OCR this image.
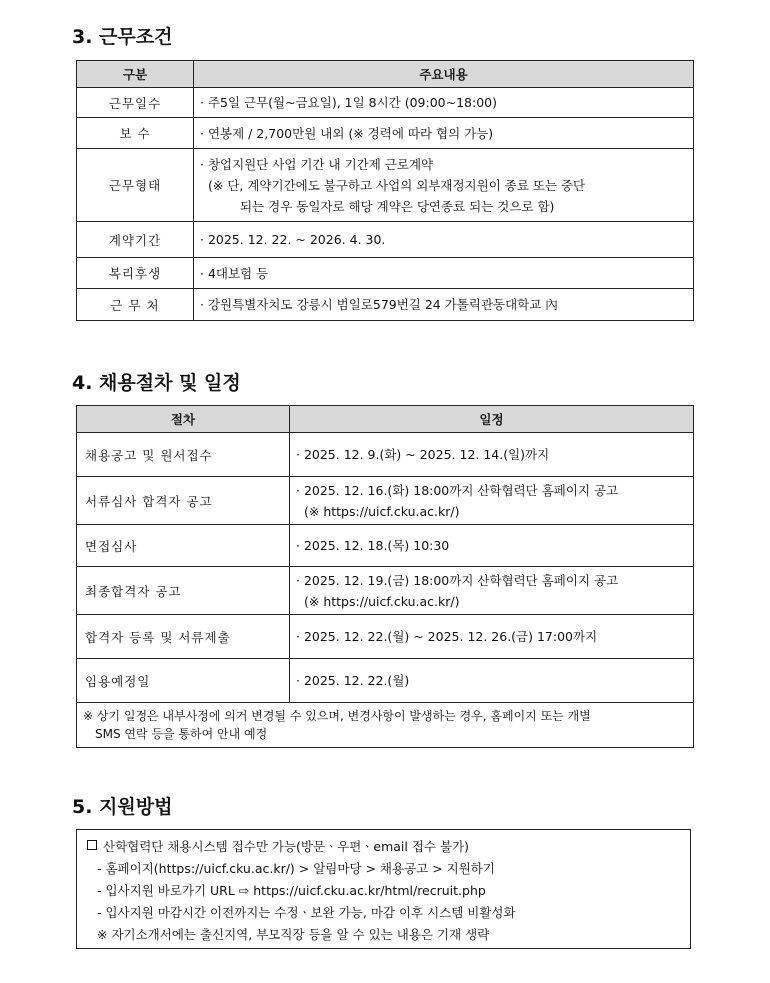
3. 근무조건
구분	주요내용
근무일수	· 주5일 근무(월~금요일), 1일 8시간 (09:00~18:00)

보 수	· 연봉제 / 2,700만원 내외 (※ 경력에 따라 협의 가능)

근무형태	· 창업지원단 사업 기간 내 기간제 근로계약
(※ 단, 계약기간에도 불구하고 사업의 외부재정지원이 종료 또는 중단
되는 경우 동일자로 해당 계약은 당연종료 되는 것으로 함)

계약기간	· 2025. 12. 22. ~ 2026. 4. 30.

복리후생	· 4대보험 등

근 무 처	· 강원특별자치도 강릉시 범일로579번길 24 가톨릭관동대학교 內
4. 채용절차 및 일정
절차	일정
채용공고 및 원서접수	· 2025. 12. 9.(화) ~ 2025. 12. 14.(일)까지

서류심사 합격자 공고	· 2025. 12. 16.(화) 18:00까지 산학협력단 홈페이지 공고
(※ https://uicf.cku.ac.kr/)

면접심사	· 2025. 12. 18.(목) 10:30

최종합격자 공고	· 2025. 12. 19.(금) 18:00까지 산학협력단 홈페이지 공고
(※ https://uicf.cku.ac.kr/)

합격자 등록 및 서류제출	· 2025. 12. 22.(월) ~ 2025. 12. 26.(금) 17:00까지

임용예정일	· 2025. 12. 22.(월)

※ 상기 일정은 내부사정에 의거 변경될 수 있으며, 변경사항이 발생하는 경우, 홈페이지 또는 개별
SMS 연락 등을 통하여 안내 예정	
5. 지원방법
산학협력단 채용시스템 접수만 가능(방문ㆍ우편ㆍemail 접수 불가)
- 홈페이지(https://uicf.cku.ac.kr/) > 알림마당 > 채용공고 > 지원하기
- 입사지원 바로가기 URL ⇨ https://uicf.cku.ac.kr/html/recruit.php
- 입사지원 마감시간 이전까지는 수정ㆍ보완 가능, 마감 이후 시스템 비활성화
※ 자기소개서에는 출신지역, 부모직장 등을 알 수 있는 내용은 기재 생략
